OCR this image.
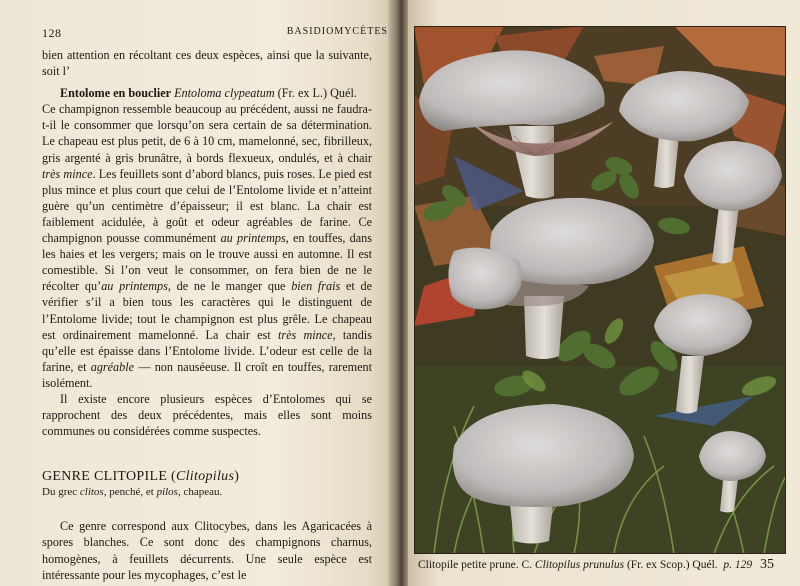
128	BASIDIOMYCÈTES

bien attention en récoltant ces deux espèces, ainsi que la suivante, soit l’

Entolome en bouclier Entoloma clypeatum (Fr. ex L.) Quél.

Ce champignon ressemble beaucoup au précédent, aussi ne faudra-t-il le consommer que lorsqu’on sera certain de sa détermination. Le chapeau est plus petit, de 6 à 10 cm, mamelonné, sec, fibrilleux, gris argenté à gris brunâtre, à bords flexueux, ondulés, et à chair très mince. Les feuillets sont d’abord blancs, puis roses. Le pied est plus mince et plus court que celui de l’Entolome livide et n’atteint guère qu’un centimètre d’épaisseur; il est blanc. La chair est faiblement acidulée, à goût et odeur agréables de farine. Ce champignon pousse communément au printemps, en touffes, dans les haies et les vergers; mais on le trouve aussi en automne. Il est comestible. Si l’on veut le consommer, on fera bien de ne le récolter qu’au printemps, de ne le manger que bien frais et de vérifier s’il a bien tous les caractères qui le distinguent de l’Entolome livide; tout le champignon est plus grêle. Le chapeau est ordinairement mamelonné. La chair est très mince, tandis qu’elle est épaisse dans l’Entolome livide. L’odeur est celle de la farine, et agréable — non nauséeuse. Il croît en touffes, rarement isolément.

Il existe encore plusieurs espèces d’Entolomes qui se rapprochent des deux précédentes, mais elles sont moins communes ou considérées comme suspectes.

GENRE CLITOPILE (Clitopilus)

Du grec clitos, penché, et pilos, chapeau.

Ce genre correspond aux Clitocybes, dans les Agaricacées à spores blanches. Ce sont donc des champignons charnus, homogènes, à feuillets décurrents. Une seule espèce est intéressante pour les mycophages, c’est le

Clitopile petite prune. C. Clitopilus prunulus (Fr. ex Scop.) Quél. p. 129 35
